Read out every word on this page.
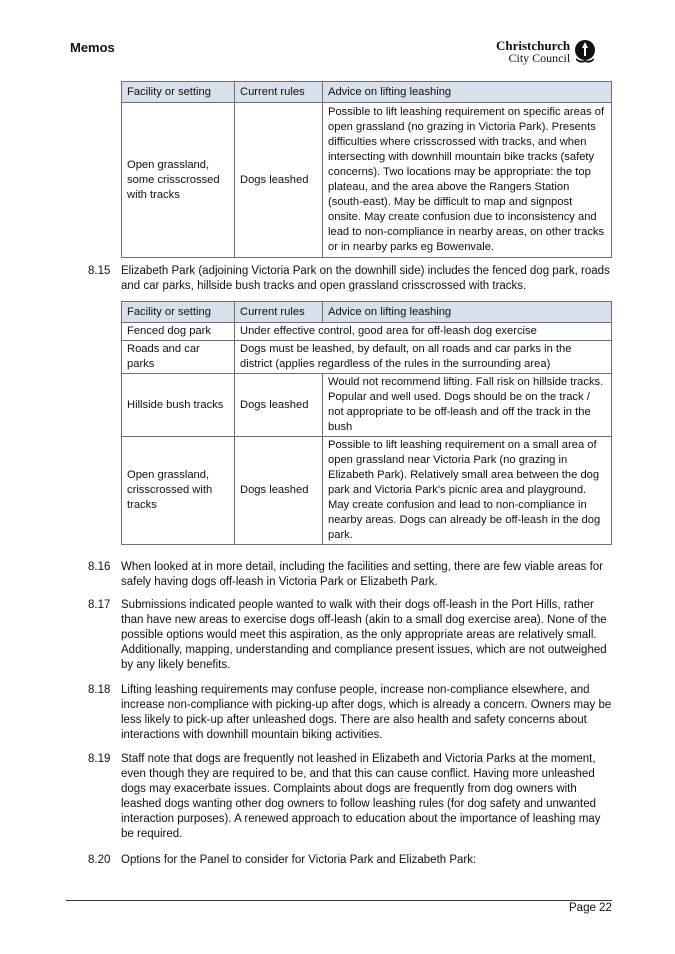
Memos	Christchurch
City Council
Facility or setting	Current rules	Advice on lifting leashing
Open grassland, some crisscrossed with tracks	Dogs leashed	Possible to lift leashing requirement on specific areas of open grassland (no grazing in Victoria Park). Presents difficulties where crisscrossed with tracks, and when intersecting with downhill mountain bike tracks (safety concerns). Two locations may be appropriate: the top plateau, and the area above the Rangers Station (south-east). May be difficult to map and signpost onsite. May create confusion due to inconsistency and lead to non-compliance in nearby areas, on other tracks or in nearby parks eg Bowenvale.
8.15 Elizabeth Park (adjoining Victoria Park on the downhill side) includes the fenced dog park, roads and car parks, hillside bush tracks and open grassland crisscrossed with tracks.
Facility or setting	Current rules	Advice on lifting leashing
Fenced dog park	Under effective control, good area for off-leash dog exercise	
Roads and car parks	Dogs must be leashed, by default, on all roads and car parks in the district (applies regardless of the rules in the surrounding area)	
Hillside bush tracks	Dogs leashed	Would not recommend lifting. Fall risk on hillside tracks. Popular and well used. Dogs should be on the track / not appropriate to be off-leash and off the track in the bush
Open grassland, crisscrossed with tracks	Dogs leashed	Possible to lift leashing requirement on a small area of open grassland near Victoria Park (no grazing in Elizabeth Park). Relatively small area between the dog park and Victoria Park's picnic area and playground. May create confusion and lead to non-compliance in nearby areas. Dogs can already be off-leash in the dog park.
8.16 When looked at in more detail, including the facilities and setting, there are few viable areas for safely having dogs off-leash in Victoria Park or Elizabeth Park.
8.17 Submissions indicated people wanted to walk with their dogs off-leash in the Port Hills, rather than have new areas to exercise dogs off-leash (akin to a small dog exercise area). None of the possible options would meet this aspiration, as the only appropriate areas are relatively small. Additionally, mapping, understanding and compliance present issues, which are not outweighed by any likely benefits.
8.18 Lifting leashing requirements may confuse people, increase non-compliance elsewhere, and increase non-compliance with picking-up after dogs, which is already a concern. Owners may be less likely to pick-up after unleashed dogs. There are also health and safety concerns about interactions with downhill mountain biking activities.
8.19 Staff note that dogs are frequently not leashed in Elizabeth and Victoria Parks at the moment, even though they are required to be, and that this can cause conflict. Having more unleashed dogs may exacerbate issues. Complaints about dogs are frequently from dog owners with leashed dogs wanting other dog owners to follow leashing rules (for dog safety and unwanted interaction purposes). A renewed approach to education about the importance of leashing may be required.
8.20 Options for the Panel to consider for Victoria Park and Elizabeth Park:
Page 22
